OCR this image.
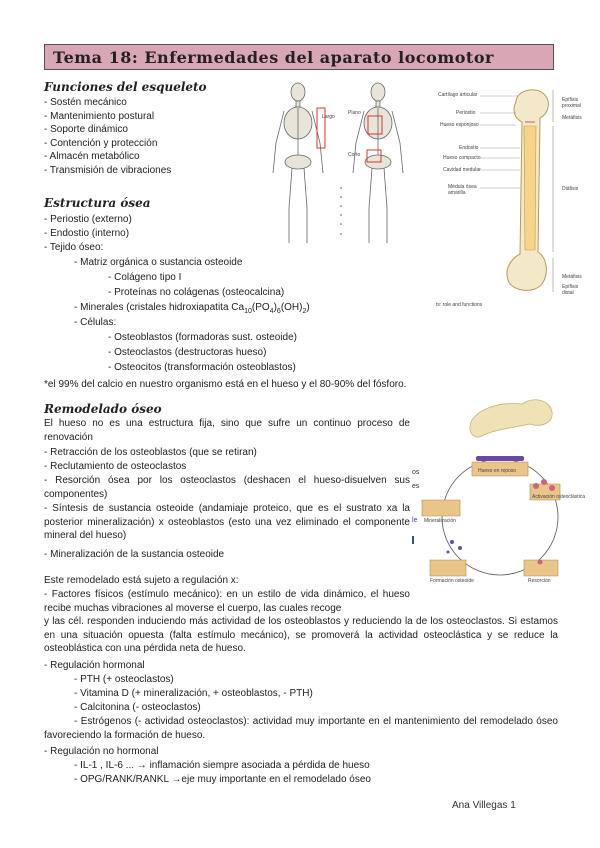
Tema 18: Enfermedades del aparato locomotor
Funciones del esqueleto
- Sostén mecánico
- Mantenimiento postural
- Soporte dinámico
- Contención y protección
- Almacén metabólico
- Transmisión de vibraciones
Estructura ósea
- Periostio (externo)
- Endostio (interno)
- Tejido óseo:
- Matriz orgánica o sustancia osteoide
- Colágeno tipo I
- Proteínas no colágenas (osteocalcina)
- Minerales (cristales hidroxiapatita $Ca_{10}(PO_4)_6(OH)_2$)
- Células:
- Osteoblastos (formadoras sust. osteoide)
- Osteoclastos (destructoras hueso)
- Osteocitos (transformación osteoblastos)
*el 99% del calcio en nuestro organismo está en el hueso y el 80-90% del fósforo.
Largo
Plano
Corto
Cartílago articular
Periostio
Hueso esponjoso
Endostio
Hueso compacto
Cavidad medular
Médula ósea amarilla
Epífisis proximal
Metáfisis
Diáfisis
Metáfisis
Epífisis distal
ts: role and functions
Remodelado óseo
El hueso no es una estructura fija, sino que sufre un continuo proceso de renovación
- Retracción de los osteoblastos (que se retiran)
- Reclutamiento de osteoclastos
- Resorción ósea por los osteoclastos (deshacen el hueso-disuelven sus componentes)
- Síntesis de sustancia osteoide (andamiaje proteico, que es el sustrato xa la posterior mineralización) x osteoblastos (esto una vez eliminado el componente mineral del hueso)
- Mineralización de la sustancia osteoide
Hueso en reposo
Activación osteoclástica
Resorción
Formación osteoide
Mineralización
os
es
le
Este remodelado está sujeto a regulación x:
- Factores físicos (estímulo mecánico): en un estilo de vida dinámico, el hueso recibe muchas vibraciones al moverse el cuerpo, las cuales recoge
y las cél. responden induciendo más actividad de los osteoblastos y reduciendo la de los osteoclastos. Si estamos en una situación opuesta (falta estímulo mecánico), se promoverá la actividad osteoclástica y se reduce la osteoblástica con una pérdida neta de hueso.
- Regulación hormonal
- PTH (+ osteoclastos)
- Vitamina D (+ mineralización, + osteoblastos, - PTH)
- Calcitonina (- osteoclastos)
- Estrógenos (- actividad osteoclastos): actividad muy importante en el mantenimiento del remodelado óseo favoreciendo la formación de hueso.
- Regulación no hormonal
- IL-1 , IL-6 ... → inflamación siempre asociada a pérdida de hueso
- OPG/RANK/RANKL →eje muy importante en el remodelado óseo
Ana Villegas 1
